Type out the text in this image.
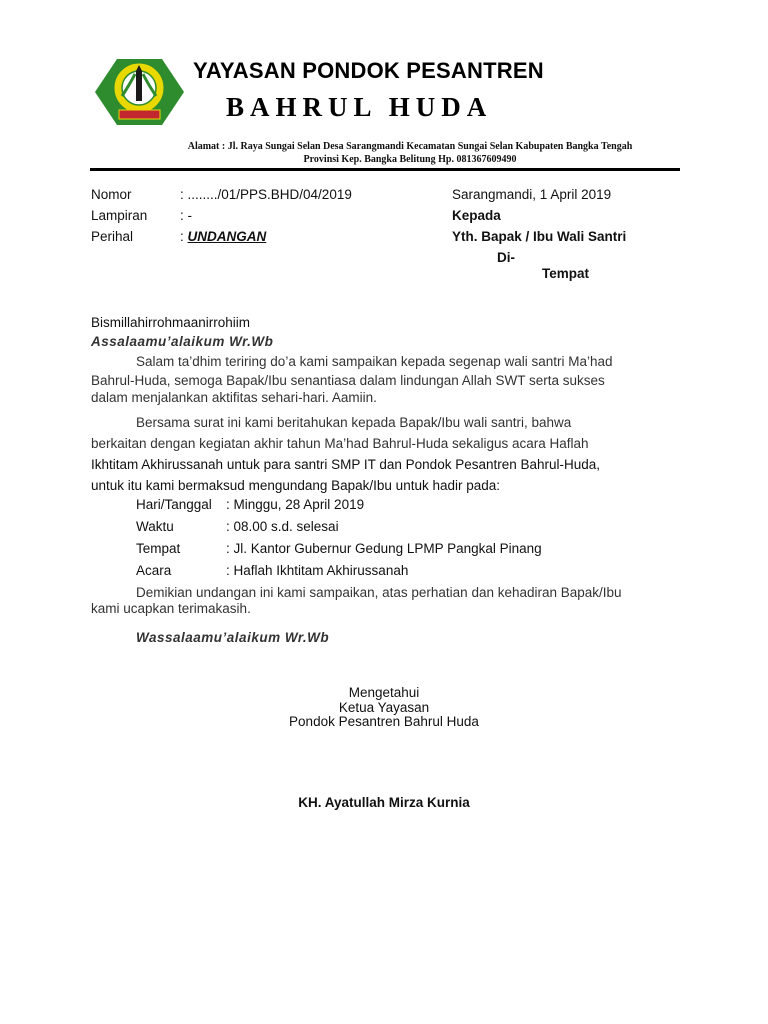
YAYASAN PONDOK PESANTREN
BAHRUL HUDA
Alamat : Jl. Raya Sungai Selan Desa Sarangmandi Kecamatan Sungai Selan Kabupaten Bangka Tengah
Provinsi Kep. Bangka Belitung Hp. 081367609490
Nomor	: ......../01/PPS.BHD/04/2019	Sarangmandi, 1 April 2019
Lampiran : -	Kepada
Perihal	: UNDANGAN	Yth. Bapak / Ibu Wali Santri
Di-
Tempat
Bismillahirrohmaanirrohiim
Assalaamu’alaikum Wr.Wb
Salam ta’dhim teriring do’a kami sampaikan kepada segenap wali santri Ma’had
Bahrul-Huda, semoga Bapak/Ibu senantiasa dalam lindungan Allah SWT serta sukses
dalam menjalankan aktifitas sehari-hari. Aamiin.
Bersama surat ini kami beritahukan kepada Bapak/Ibu wali santri, bahwa
berkaitan dengan kegiatan akhir tahun Ma’had Bahrul-Huda sekaligus acara Haflah
Ikhtitam Akhirussanah untuk para santri SMP IT dan Pondok Pesantren Bahrul-Huda,
untuk itu kami bermaksud mengundang Bapak/Ibu untuk hadir pada:
Hari/Tanggal : Minggu, 28 April 2019
Waktu	: 08.00 s.d. selesai
Tempat	: Jl. Kantor Gubernur Gedung LPMP Pangkal Pinang
Acara	: Haflah Ikhtitam Akhirussanah
Demikian undangan ini kami sampaikan, atas perhatian dan kehadiran Bapak/Ibu
kami ucapkan terimakasih.
Wassalaamu’alaikum Wr.Wb
Mengetahui
Ketua Yayasan
Pondok Pesantren Bahrul Huda
KH. Ayatullah Mirza Kurnia
